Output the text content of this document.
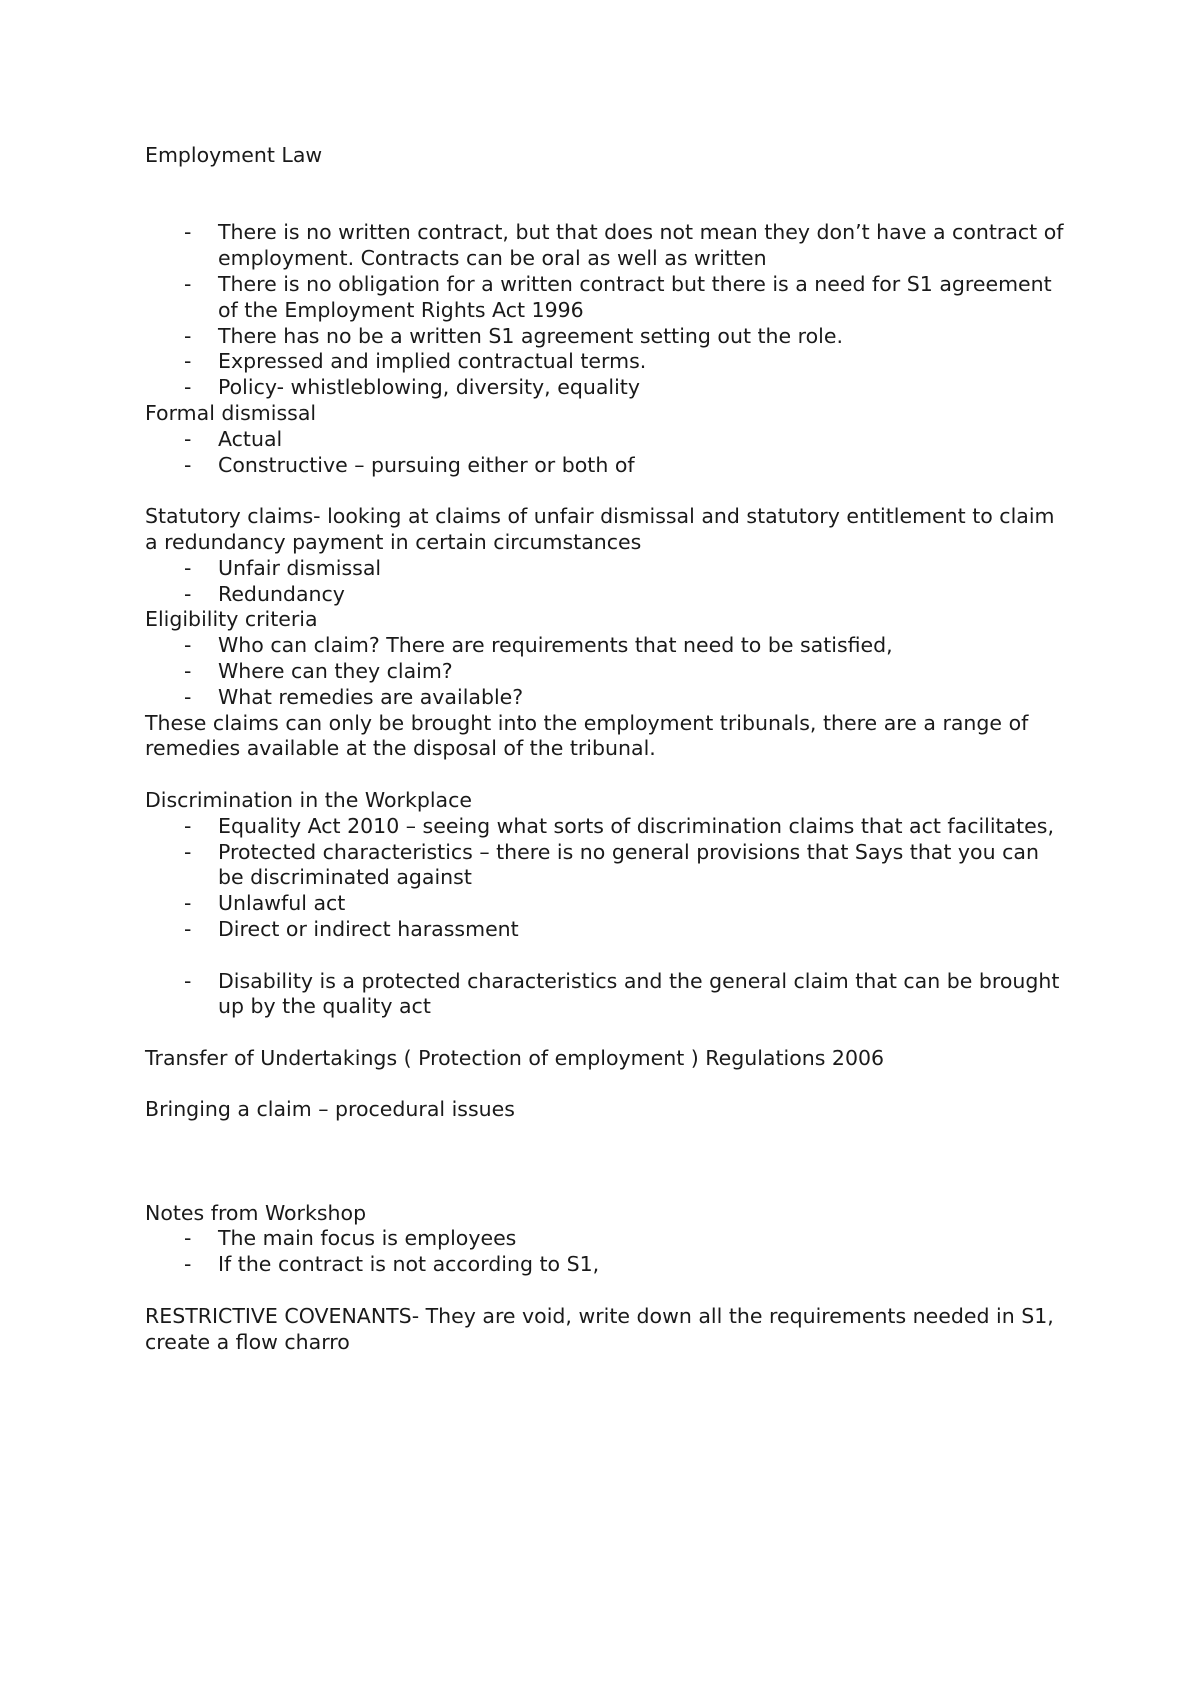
Employment Law

- There is no written contract, but that does not mean they don’t have a contract of employment. Contracts can be oral as well as written
- There is no obligation for a written contract but there is a need for S1 agreement of the Employment Rights Act 1996
- There has no be a written S1 agreement setting out the role.
- Expressed and implied contractual terms.
- Policy- whistleblowing, diversity, equality

Formal dismissal

- Actual
- Constructive – pursuing either or both of

Statutory claims- looking at claims of unfair dismissal and statutory entitlement to claim a redundancy payment in certain circumstances

- Unfair dismissal
- Redundancy

Eligibility criteria

- Who can claim? There are requirements that need to be satisfied,
- Where can they claim?
- What remedies are available?

These claims can only be brought into the employment tribunals, there are a range of remedies available at the disposal of the tribunal.

Discrimination in the Workplace

- Equality Act 2010 – seeing what sorts of discrimination claims that act facilitates,
- Protected characteristics – there is no general provisions that Says that you can be discriminated against
- Unlawful act
- Direct or indirect harassment
- Disability is a protected characteristics and the general claim that can be brought up by the quality act

Transfer of Undertakings ( Protection of employment ) Regulations 2006

Bringing a claim – procedural issues

Notes from Workshop

- The main focus is employees
- If the contract is not according to S1,

RESTRICTIVE COVENANTS- They are void, write down all the requirements needed in S1, create a flow charro
